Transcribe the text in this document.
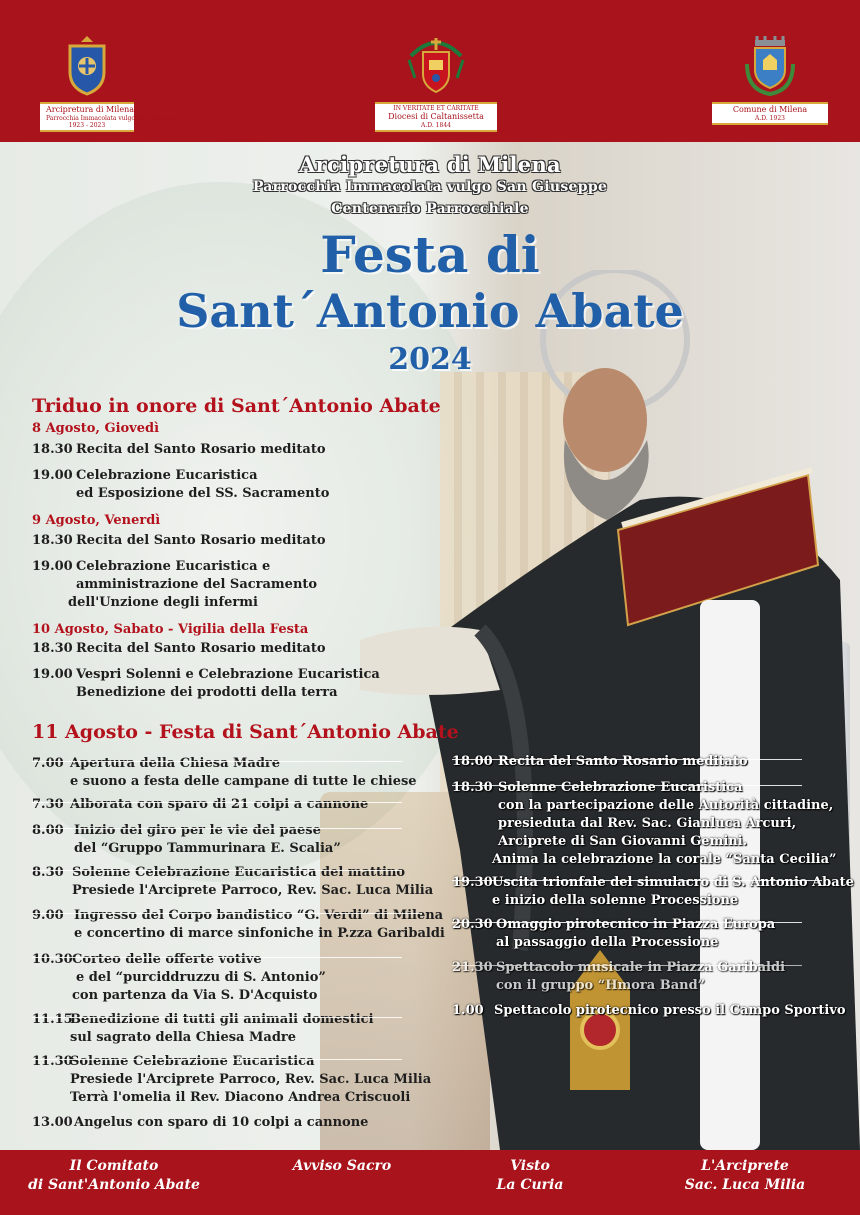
Arcipretura di Milena
Parrocchia Immacolata vulgo San Giuseppe
1923 - 2023
IN VERITATE ET CARITATE
Diocesi di Caltanissetta
A.D. 1844
Comune di Milena
A.D. 1923
Arcipretura di Milena
Parrocchia Immacolata vulgo San Giuseppe
Centenario Parrocchiale
Festa di
Sant´Antonio Abate
2024
Triduo in onore di Sant´Antonio Abate
8 Agosto, Giovedì
18.30 Recita del Santo Rosario meditato
19.00 Celebrazione Eucaristica
ed Esposizione del SS. Sacramento
9 Agosto, Venerdì
18.30 Recita del Santo Rosario meditato
19.00 Celebrazione Eucaristica e
amministrazione del Sacramento
dell'Unzione degli infermi
10 Agosto, Sabato - Vigilia della Festa
18.30 Recita del Santo Rosario meditato
19.00 Vespri Solenni e Celebrazione Eucaristica
Benedizione dei prodotti della terra
11 Agosto - Festa di Sant´Antonio Abate
7.00 Apertura della Chiesa Madre
e suono a festa delle campane di tutte le chiese
7.30 Alborata con sparo di 21 colpi a cannone
8.00 Inizio del giro per le vie del paese
del “Gruppo Tammurinara E. Scalia”
8.30 Solenne Celebrazione Eucaristica del mattino
Presiede l'Arciprete Parroco, Rev. Sac. Luca Milia
9.00 Ingresso del Corpo bandistico “G. Verdi” di Milena
e concertino di marce sinfoniche in P.zza Garibaldi
10.30 Corteo delle offerte votive
e del “purciddruzzu di S. Antonio”
con partenza da Via S. D'Acquisto
11.15
Benedizione di tutti gli animali domestici
sul sagrato della Chiesa Madre
11.30
Solenne Celebrazione Eucaristica
Presiede l'Arciprete Parroco, Rev. Sac. Luca Milia
Terrà l'omelia il Rev. Diacono Andrea Criscuoli
13.00 Angelus con sparo di 10 colpi a cannone
18.00 Recita del Santo Rosario meditato
18.30 Solenne Celebrazione Eucaristica
con la partecipazione delle Autorità cittadine,
presieduta dal Rev. Sac. Gianluca Arcuri,
Arciprete di San Giovanni Gemini.
Anima la celebrazione la corale “Santa Cecilia”
19.30 Uscita trionfale del simulacro di S. Antonio Abate
e inizio della solenne Processione
20.30 Omaggio pirotecnico in Piazza Europa
al passaggio della Processione
21.30 Spettacolo musicale in Piazza Garibaldi
con il gruppo “Hmora Band”
1.00 Spettacolo pirotecnico presso il Campo Sportivo
Il Comitato
di Sant'Antonio Abate
Avviso Sacro	Visto
La Curia
L'Arciprete
Sac. Luca Milia
